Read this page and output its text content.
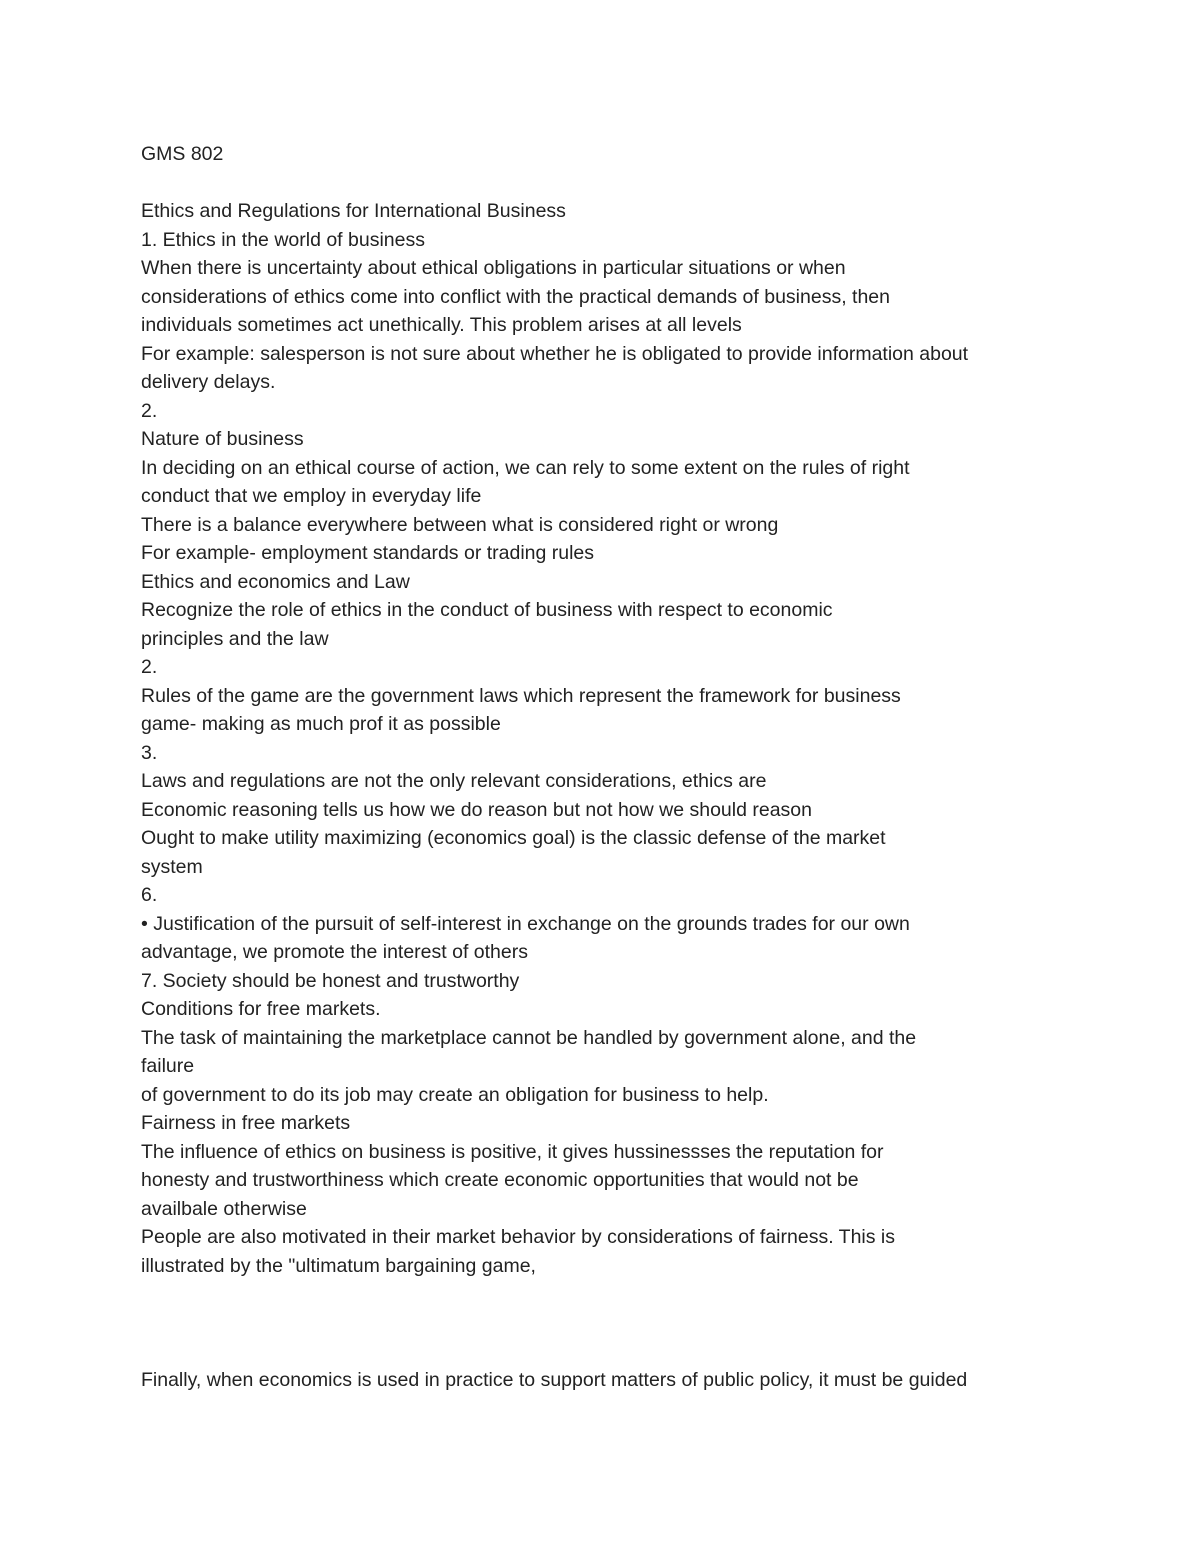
GMS 802
Ethics and Regulations for International Business
1. Ethics in the world of business
When there is uncertainty about ethical obligations in particular situations or when
considerations of ethics come into conflict with the practical demands of business, then
individuals sometimes act unethically. This problem arises at all levels
For example: salesperson is not sure about whether he is obligated to provide information about
delivery delays.
2.
Nature of business
In deciding on an ethical course of action, we can rely to some extent on the rules of right
conduct that we employ in everyday life
There is a balance everywhere between what is considered right or wrong
For example- employment standards or trading rules
Ethics and economics and Law
Recognize the role of ethics in the conduct of business with respect to economic
principles and the law
2.
Rules of the game are the government laws which represent the framework for business
game- making as much prof it as possible
3.
Laws and regulations are not the only relevant considerations, ethics are
Economic reasoning tells us how we do reason but not how we should reason
Ought to make utility maximizing (economics goal) is the classic defense of the market
system
6.
• Justification of the pursuit of self-interest in exchange on the grounds trades for our own
advantage, we promote the interest of others
7. Society should be honest and trustworthy
Conditions for free markets.
The task of maintaining the marketplace cannot be handled by government alone, and the
failure
of government to do its job may create an obligation for business to help.
Fairness in free markets
The influence of ethics on business is positive, it gives hussinessses the reputation for
honesty and trustworthiness which create economic opportunities that would not be
availbale otherwise
People are also motivated in their market behavior by considerations of fairness. This is
illustrated by the "ultimatum bargaining game,
Finally, when economics is used in practice to support matters of public policy, it must be guided
